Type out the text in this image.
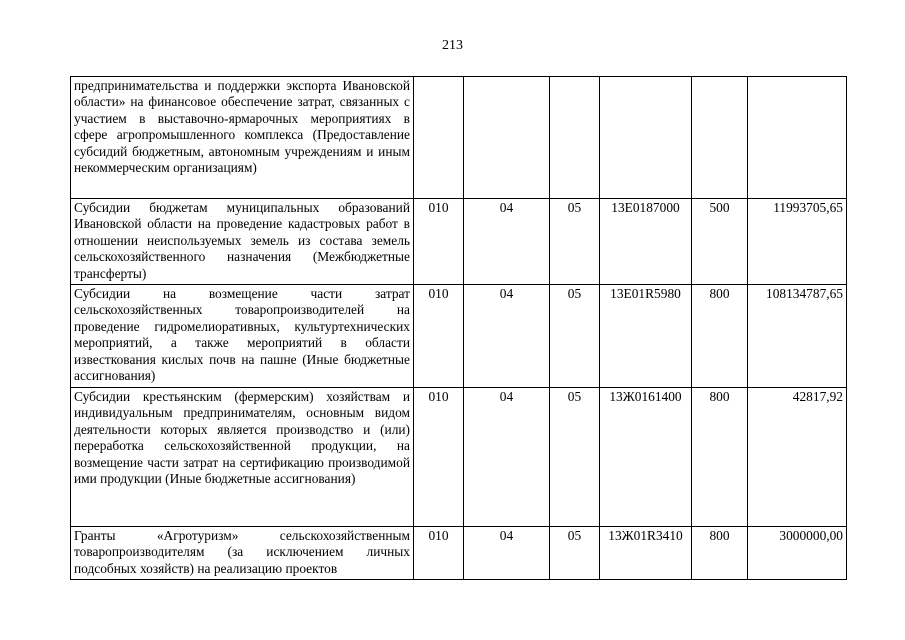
213
предпринимательства и поддержки экспорта Ивановской области» на финансовое обеспечение затрат, связанных с участием в выставочно-ярмарочных мероприятиях в сфере агропромышленного комплекса (Предоставление субсидий бюджетным, автономным учреждениям и иным некоммерческим организациям)						
Субсидии бюджетам муниципальных образований Ивановской области на проведение кадастровых работ в отношении неиспользуемых земель из состава земель сельскохозяйственного назначения (Межбюджетные трансферты)	010	04	05	13Е0187000	500	11993705,65
Субсидии на возмещение части затрат сельскохозяйственных товаропроизводителей на проведение гидромелиоративных, культуртехнических мероприятий, а также мероприятий в области известкования кислых почв на пашне (Иные бюджетные ассигнования)	010	04	05	13Е01R5980	800	108134787,65
Субсидии крестьянским (фермерским) хозяйствам и индивидуальным предпринимателям, основным видом деятельности которых является производство и (или) переработка сельскохозяйственной продукции, на возмещение части затрат на сертификацию производимой ими продукции (Иные бюджетные ассигнования)	010	04	05	13Ж0161400	800	42817,92

Гранты «Агротуризм» сельскохозяйственным товаропроизводителям (за исключением личных подсобных хозяйств) на реализацию проектов	010	04	05	13Ж01R3410	800	3000000,00
